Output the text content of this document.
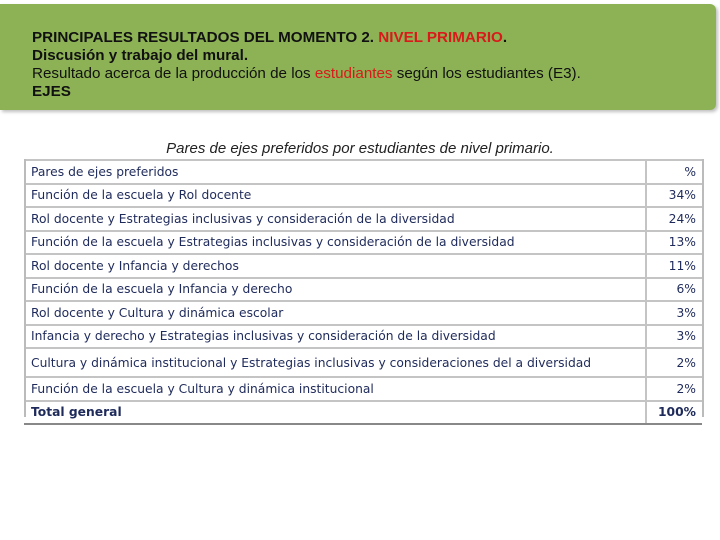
PRINCIPALES RESULTADOS DEL MOMENTO 2. NIVEL PRIMARIO.
Discusión y trabajo del mural.
Resultado acerca de la producción de los estudiantes según los estudiantes (E3).
EJES
Pares de ejes preferidos por estudiantes de nivel primario.
Pares de ejes preferidos	%
Función de la escuela y Rol docente	34%
Rol docente y Estrategias inclusivas y consideración de la diversidad	24%
Función de la escuela y Estrategias inclusivas y consideración de la diversidad	13%
Rol docente y Infancia y derechos	11%
Función de la escuela y Infancia y derecho	6%
Rol docente y Cultura y dinámica escolar	3%
Infancia y derecho y Estrategias inclusivas y consideración de la diversidad	3%
Cultura y dinámica institucional y Estrategias inclusivas y consideraciones del a diversidad	2%
Función de la escuela y Cultura y dinámica institucional	2%
Total general	100%
